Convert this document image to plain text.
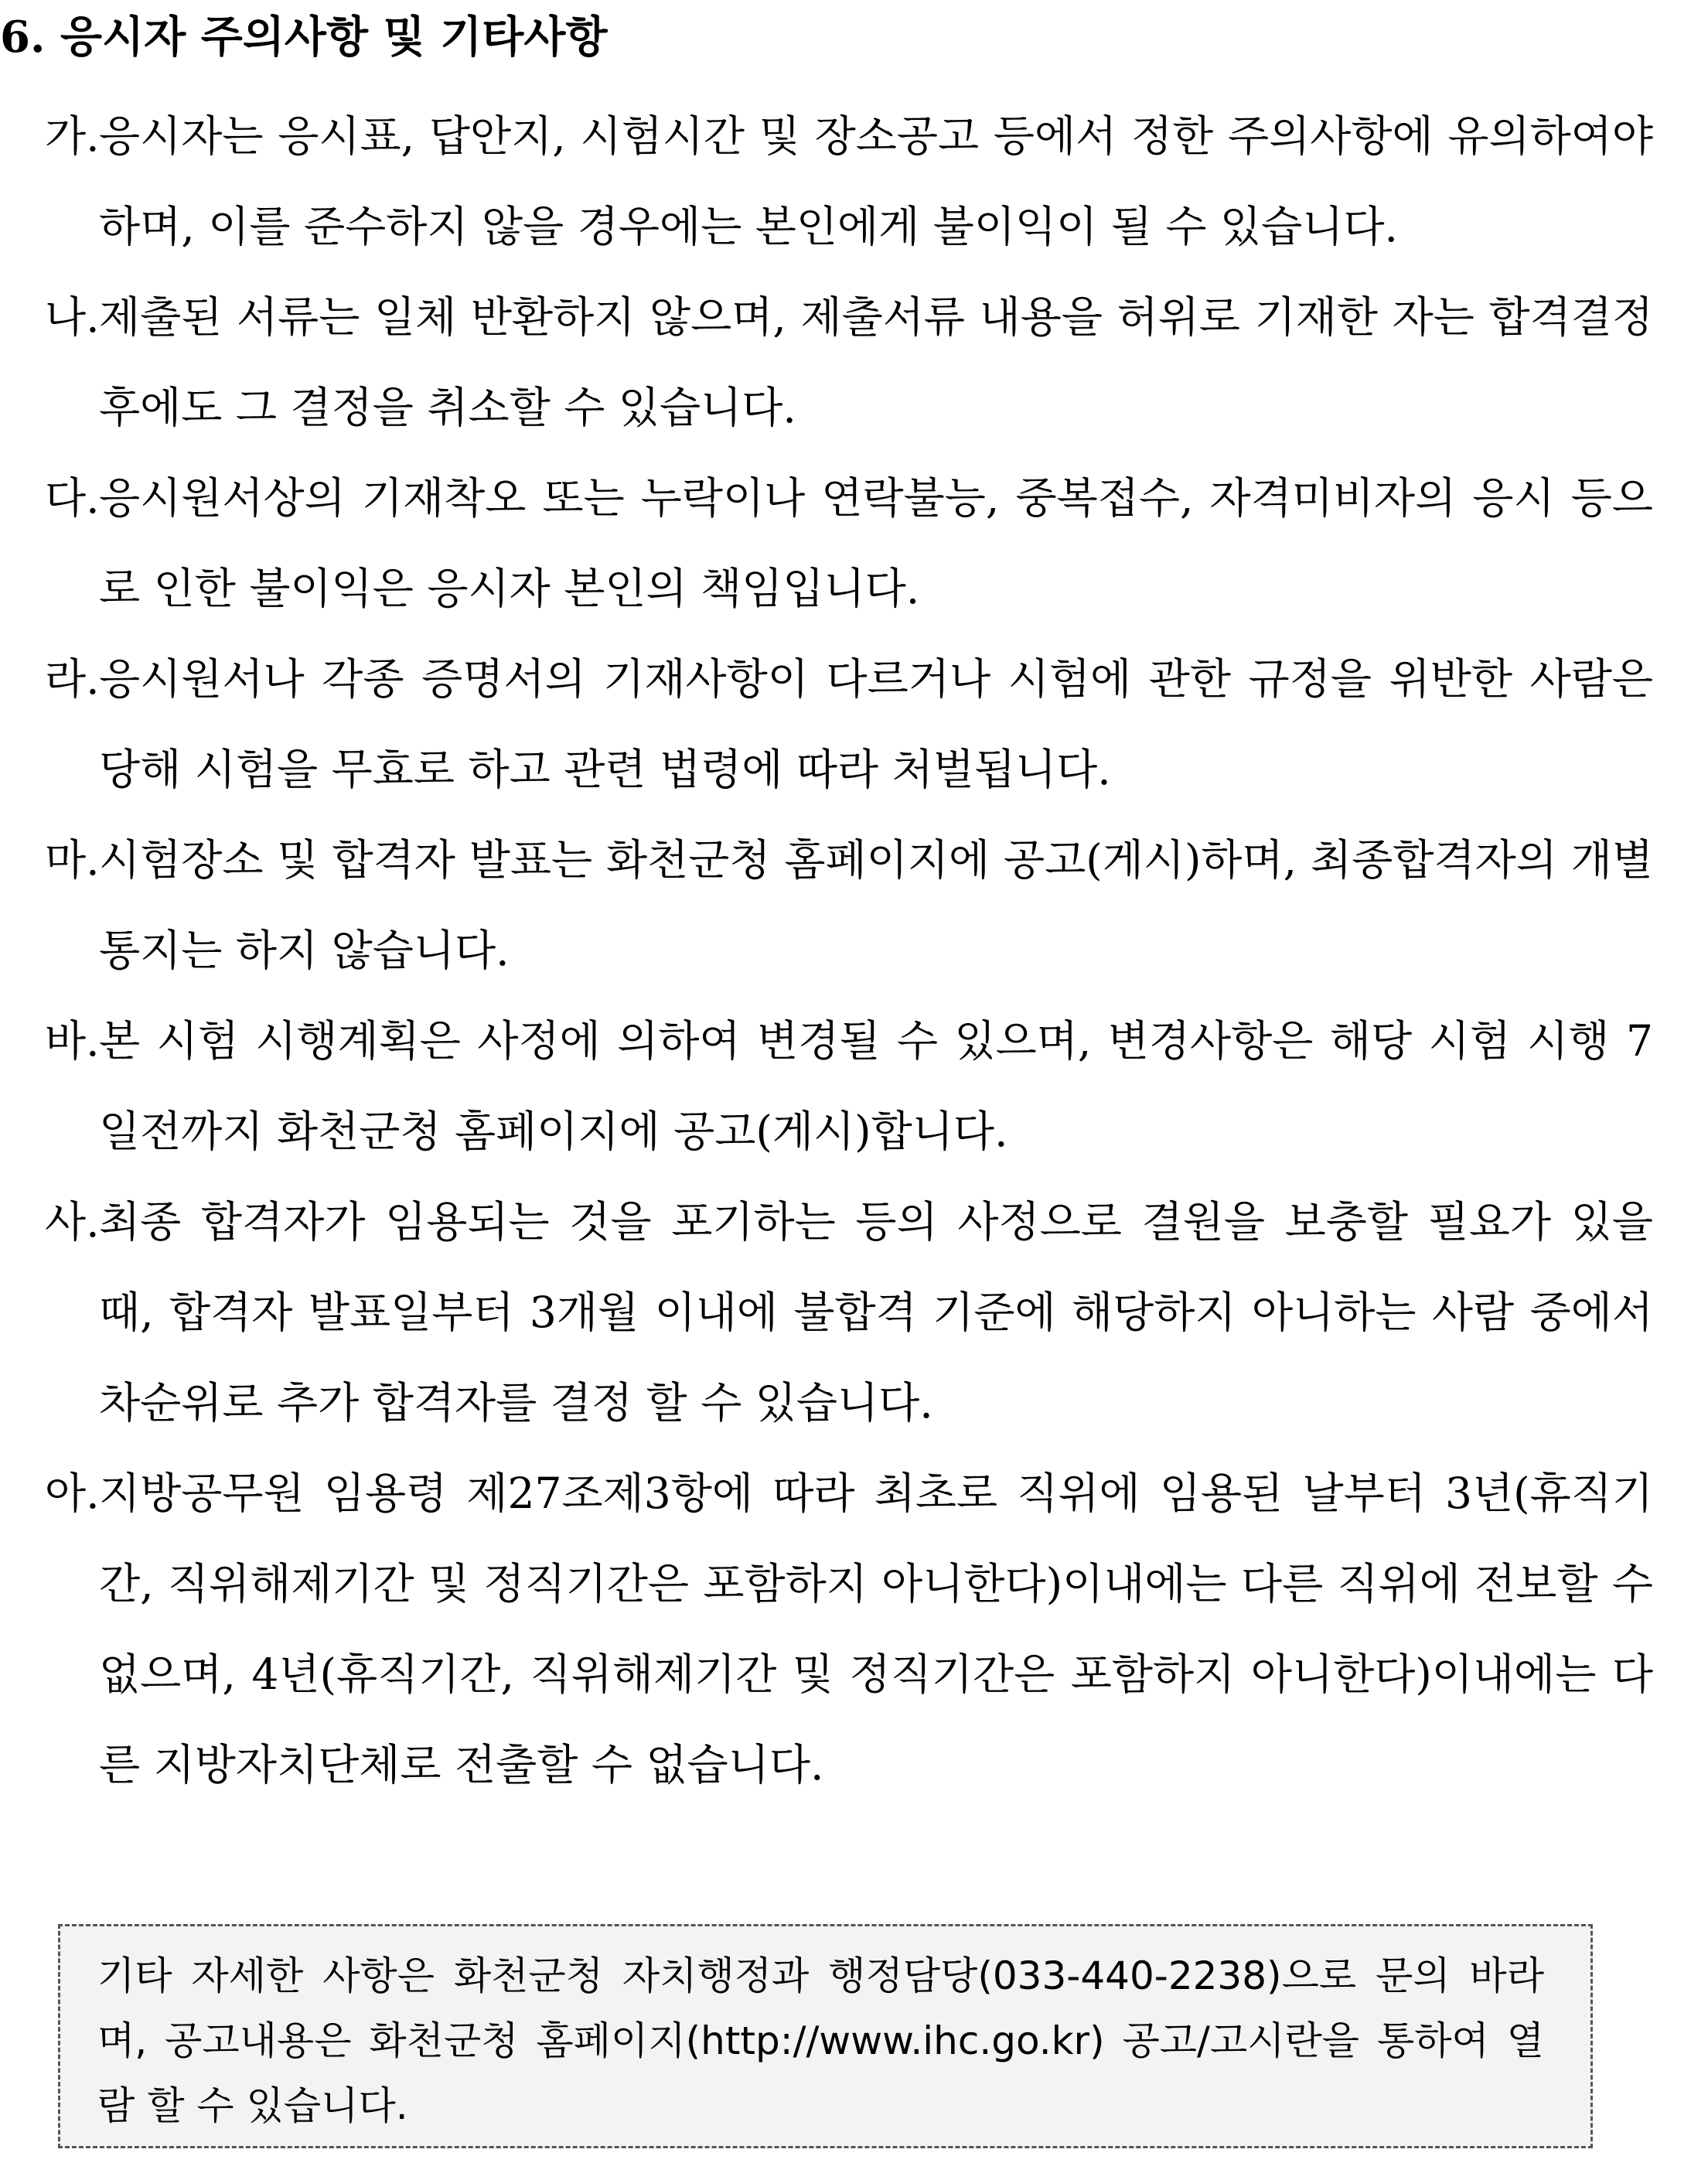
6. 응시자 주의사항 및 기타사항
가. 응시자는 응시표, 답안지, 시험시간 및 장소공고 등에서 정한 주의사항에 유의하여야 하며, 이를 준수하지 않을 경우에는 본인에게 불이익이 될 수 있습니다.
나. 제출된 서류는 일체 반환하지 않으며, 제출서류 내용을 허위로 기재한 자는 합격결정 후에도 그 결정을 취소할 수 있습니다.
다. 응시원서상의 기재착오 또는 누락이나 연락불능, 중복접수, 자격미비자의 응시 등으로 인한 불이익은 응시자 본인의 책임입니다.
라. 응시원서나 각종 증명서의 기재사항이 다르거나 시험에 관한 규정을 위반한 사람은 당해 시험을 무효로 하고 관련 법령에 따라 처벌됩니다.
마. 시험장소 및 합격자 발표는 화천군청 홈페이지에 공고(게시)하며, 최종합격자의 개별 통지는 하지 않습니다.
바. 본 시험 시행계획은 사정에 의하여 변경될 수 있으며, 변경사항은 해당 시험 시행 7일전까지 화천군청 홈페이지에 공고(게시)합니다.
사. 최종 합격자가 임용되는 것을 포기하는 등의 사정으로 결원을 보충할 필요가 있을 때, 합격자 발표일부터 3개월 이내에 불합격 기준에 해당하지 아니하는 사람 중에서 차순위로 추가 합격자를 결정 할 수 있습니다.
아. 지방공무원 임용령 제27조제3항에 따라 최초로 직위에 임용된 날부터 3년(휴직기간, 직위해제기간 및 정직기간은 포함하지 아니한다)이내에는 다른 직위에 전보할 수 없으며, 4년(휴직기간, 직위해제기간 및 정직기간은 포함하지 아니한다)이내에는 다른 지방자치단체로 전출할 수 없습니다.
기타 자세한 사항은 화천군청 자치행정과 행정담당(033-440-2238)으로 문의 바라며, 공고내용은 화천군청 홈페이지(http://www.ihc.go.kr) 공고/고시란을 통하여 열람 할 수 있습니다.
